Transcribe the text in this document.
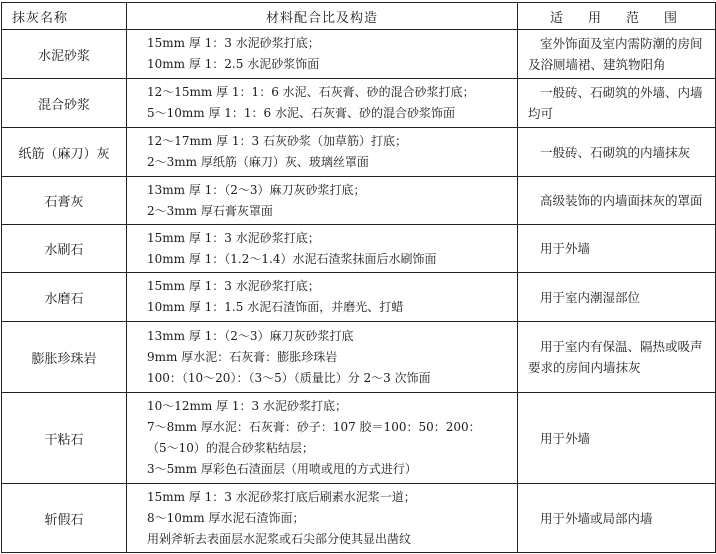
抹灰名称	材料配合比及构造	适　用　范　围
水泥砂浆	15mm 厚 1：3 水泥砂浆打底；
10mm 厚 1：2.5 水泥砂浆饰面	室外饰面及室内需防潮的房间及浴厕墙裙、建筑物阳角
混合砂浆	12～15mm 厚 1：1：6 水泥、石灰膏、砂的混合砂浆打底；
5～10mm 厚 1：1：6 水泥、石灰膏、砂的混合砂浆饰面	一般砖、石砌筑的外墙、内墙均可
纸筋（麻刀）灰	12～17mm 厚 1：3 石灰砂浆（加草筋）打底；
2～3mm 厚纸筋（麻刀）灰、玻璃丝罩面	一般砖、石砌筑的内墙抹灰
石膏灰	13mm 厚 1：（2～3）麻刀灰砂浆打底；
2～3mm 厚石膏灰罩面	高级装饰的内墙面抹灰的罩面
水刷石	15mm 厚 1：3 水泥砂浆打底；
10mm 厚 1：（1.2～1.4）水泥石渣浆抹面后水刷饰面	用于外墙
水磨石	15mm 厚 1：3 水泥砂浆打底；
10mm 厚 1：1.5 水泥石渣饰面，并磨光、打蜡	用于室内潮湿部位
膨胀珍珠岩	13mm 厚 1：（2～3）麻刀灰砂浆打底
9mm 厚水泥：石灰膏：膨胀珍珠岩
100：（10～20）：（3～5）（质量比）分 2～3 次饰面	用于室内有保温、隔热或吸声要求的房间内墙抹灰
干粘石	10～12mm 厚 1：3 水泥砂浆打底；
7～8mm 厚水泥：石灰膏：砂子：107 胶＝100：50：200：
（5～10）的混合砂浆粘结层；
3～5mm 厚彩色石渣面层（用喷或甩的方式进行）	用于外墙
斩假石	15mm 厚 1：3 水泥砂浆打底后刷素水泥浆一道；
8～10mm 厚水泥石渣饰面；
用剁斧斩去表面层水泥浆或石尖部分使其显出凿纹	用于外墙或局部内墙
